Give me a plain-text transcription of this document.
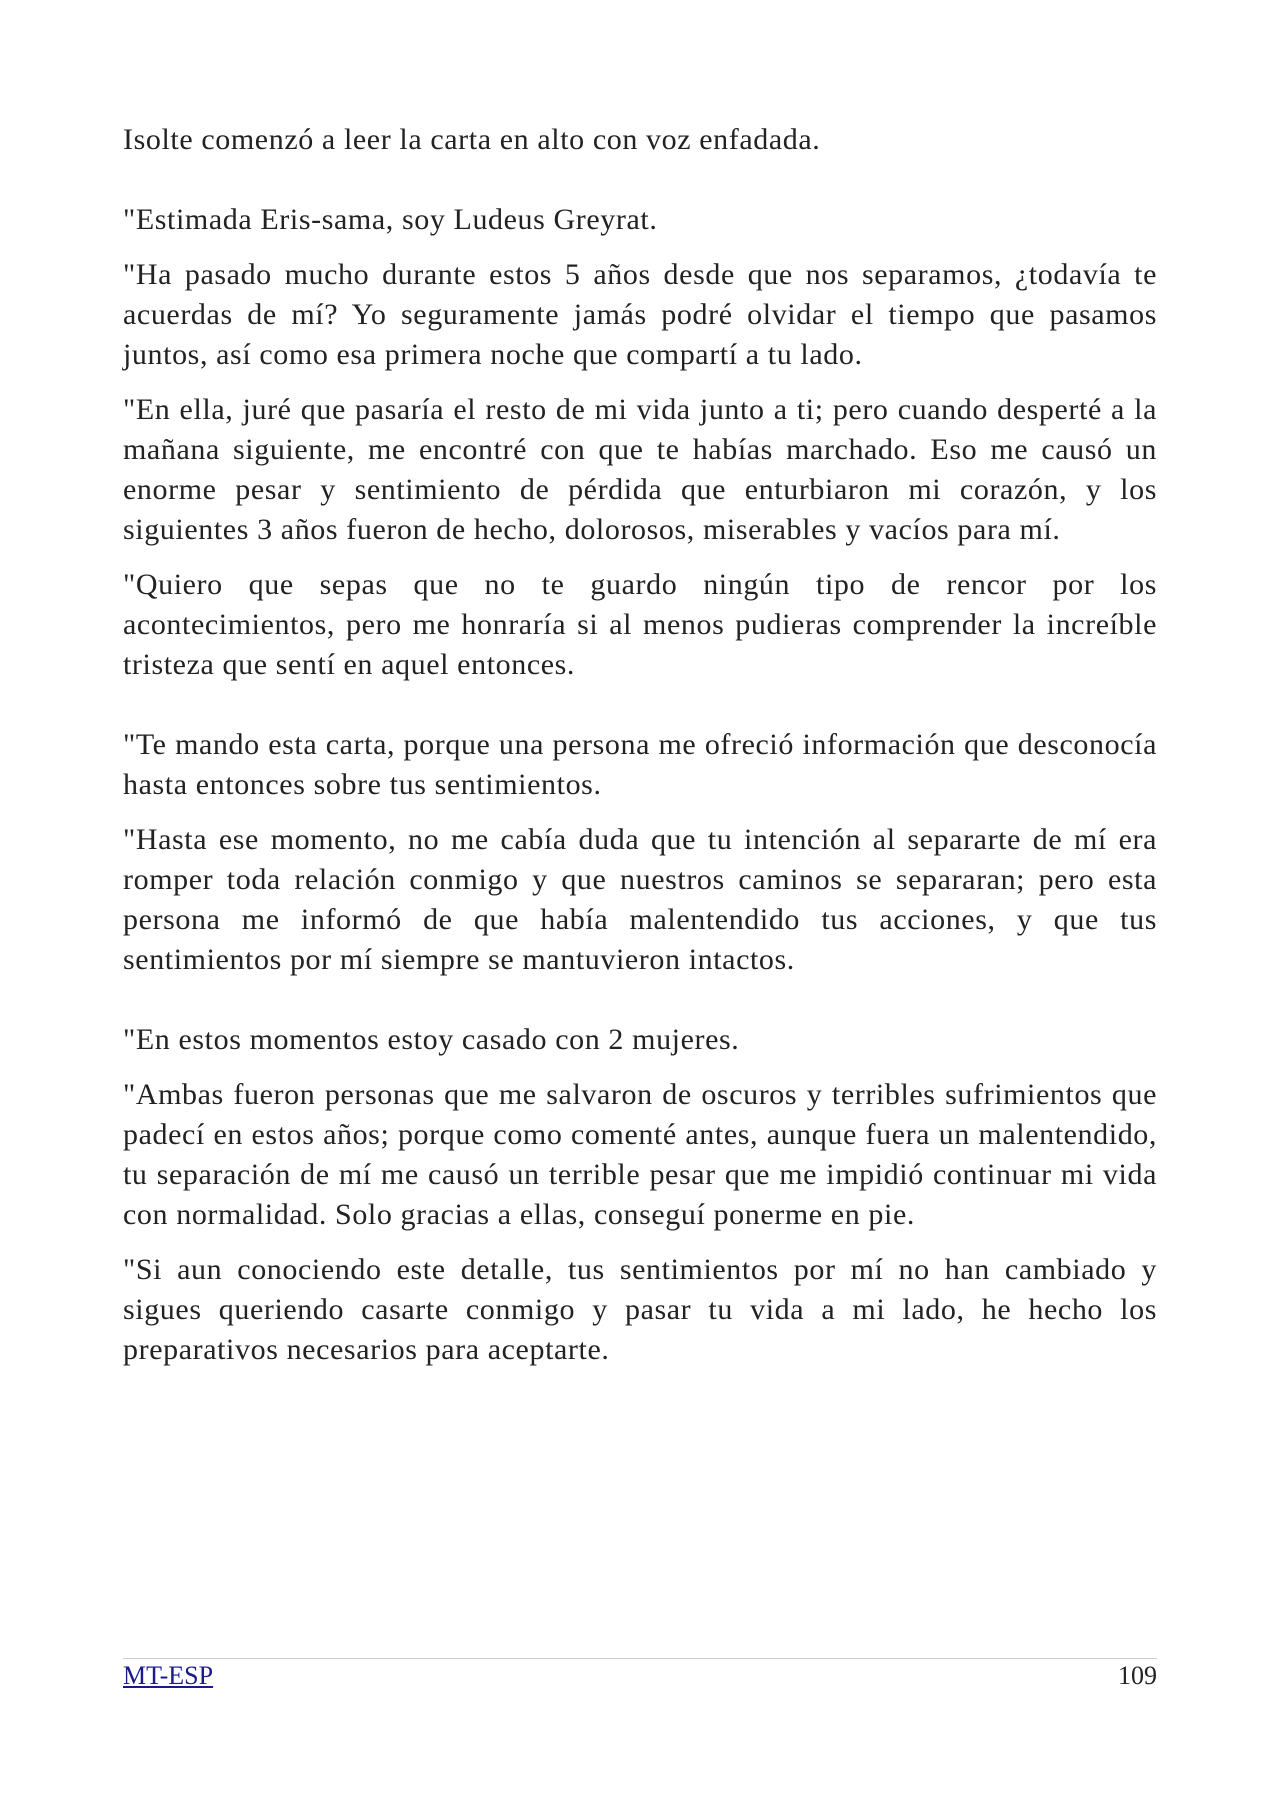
Isolte comenzó a leer la carta en alto con voz enfadada.

"Estimada Eris-sama, soy Ludeus Greyrat.

"Ha pasado mucho durante estos 5 años desde que nos separamos, ¿todavía te acuerdas de mí? Yo seguramente jamás podré olvidar el tiempo que pasamos juntos, así como esa primera noche que compartí a tu lado.

"En ella, juré que pasaría el resto de mi vida junto a ti; pero cuando desperté a la mañana siguiente, me encontré con que te habías marchado. Eso me causó un enorme pesar y sentimiento de pérdida que enturbiaron mi corazón, y los siguientes 3 años fueron de hecho, dolorosos, miserables y vacíos para mí.

"Quiero que sepas que no te guardo ningún tipo de rencor por los acontecimientos, pero me honraría si al menos pudieras comprender la increíble tristeza que sentí en aquel entonces.

"Te mando esta carta, porque una persona me ofreció información que desconocía hasta entonces sobre tus sentimientos.

"Hasta ese momento, no me cabía duda que tu intención al separarte de mí era romper toda relación conmigo y que nuestros caminos se separaran; pero esta persona me informó de que había malentendido tus acciones, y que tus sentimientos por mí siempre se mantuvieron intactos.

"En estos momentos estoy casado con 2 mujeres.

"Ambas fueron personas que me salvaron de oscuros y terribles sufrimientos que padecí en estos años; porque como comenté antes, aunque fuera un malentendido, tu separación de mí me causó un terrible pesar que me impidió continuar mi vida con normalidad. Solo gracias a ellas, conseguí ponerme en pie.

"Si aun conociendo este detalle, tus sentimientos por mí no han cambiado y sigues queriendo casarte conmigo y pasar tu vida a mi lado, he hecho los preparativos necesarios para aceptarte.

MT-ESP	109
